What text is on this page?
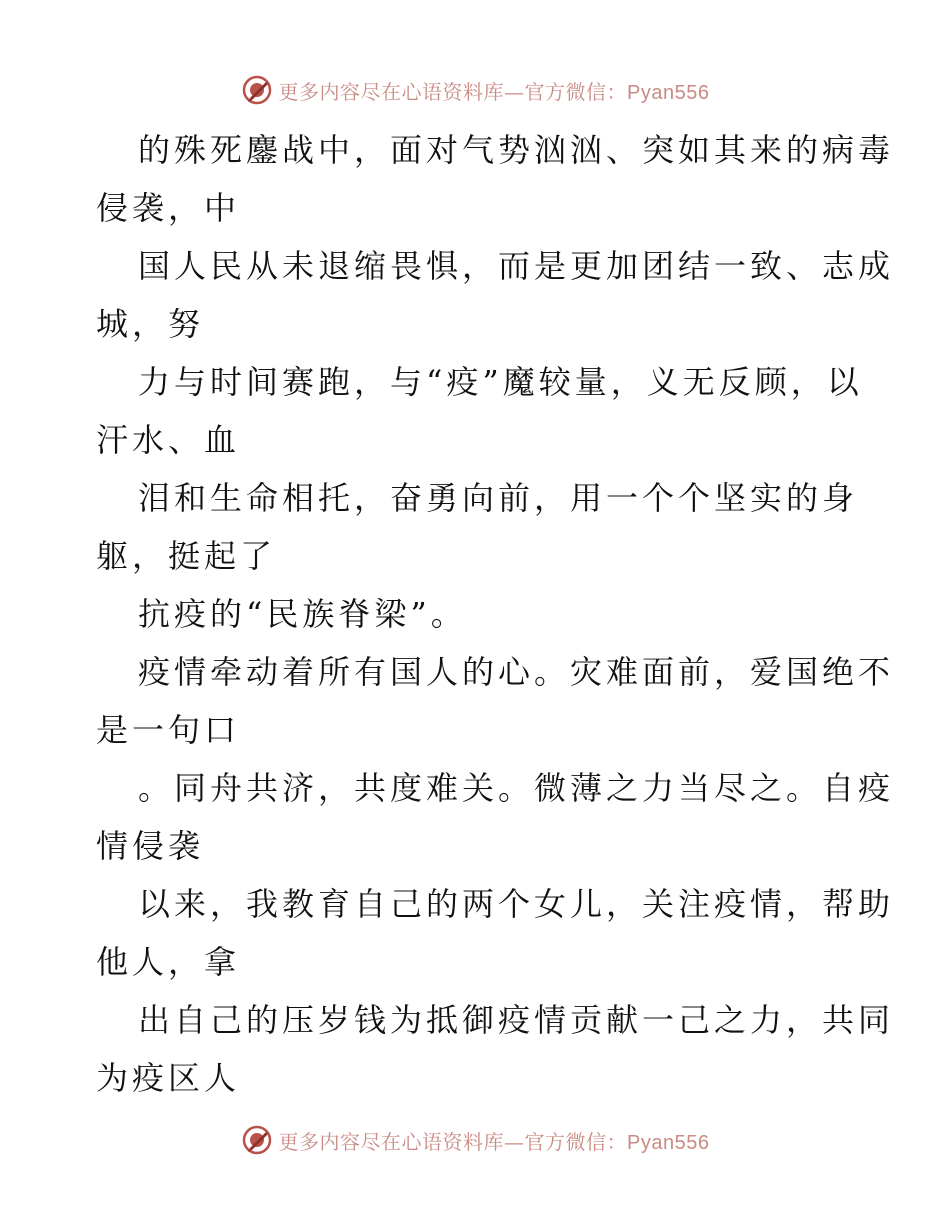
更多内容尽在心语资料库—官方微信：Pyan556

的殊死鏖战中，面对气势汹汹、突如其来的病毒
侵袭，中

国人民从未退缩畏惧，而是更加团结一致、志成
城，努

力与时间赛跑，与“疫”魔较量，义无反顾，以
汗水、血

泪和生命相托，奋勇向前，用一个个坚实的身
躯，挺起了

抗疫的“民族脊梁”。

疫情牵动着所有国人的心。灾难面前，爱国绝不
是一句口

。同舟共济，共度难关。微薄之力当尽之。自疫
情侵袭

以来，我教育自己的两个女儿，关注疫情，帮助
他人，拿

出自己的压岁钱为抵御疫情贡献一己之力，共同
为疫区人

更多内容尽在心语资料库—官方微信：Pyan556
